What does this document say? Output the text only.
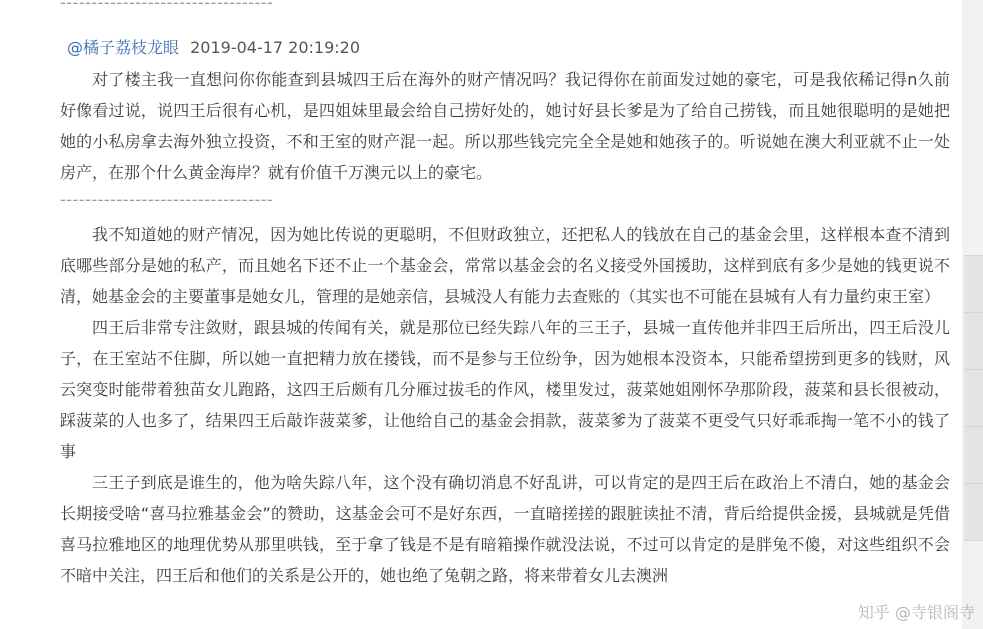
----------------------------------
@橘子荔枝龙眼 2019-04-17 20:19:20

对了楼主我一直想问你你能查到县城四王后在海外的财产情况吗？我记得你在前面发过她的豪宅，可是我依稀记得n久前好像看过说，说四王后很有心机，是四姐妹里最会给自己捞好处的，她讨好县长爹是为了给自己捞钱，而且她很聪明的是她把她的小私房拿去海外独立投资，不和王室的财产混一起。所以那些钱完完全全是她和她孩子的。听说她在澳大利亚就不止一处房产，在那个什么黄金海岸？就有价值千万澳元以上的豪宅。

----------------------------------

我不知道她的财产情况，因为她比传说的更聪明，不但财政独立，还把私人的钱放在自己的基金会里，这样根本查不清到底哪些部分是她的私产，而且她名下还不止一个基金会，常常以基金会的名义接受外国援助，这样到底有多少是她的钱更说不清，她基金会的主要董事是她女儿，管理的是她亲信，县城没人有能力去查账的（其实也不可能在县城有人有力量约束王室）

四王后非常专注敛财，跟县城的传闻有关，就是那位已经失踪八年的三王子，县城一直传他并非四王后所出，四王后没儿子，在王室站不住脚，所以她一直把精力放在搂钱，而不是参与王位纷争，因为她根本没资本，只能希望捞到更多的钱财，风云突变时能带着独苗女儿跑路，这四王后颇有几分雁过拔毛的作风，楼里发过，菠菜她姐刚怀孕那阶段，菠菜和县长很被动，踩菠菜的人也多了，结果四王后敲诈菠菜爹，让他给自己的基金会捐款，菠菜爹为了菠菜不更受气只好乖乖掏一笔不小的钱了事

三王子到底是谁生的，他为啥失踪八年，这个没有确切消息不好乱讲，可以肯定的是四王后在政治上不清白，她的基金会长期接受啥“喜马拉雅基金会”的赞助，这基金会可不是好东西，一直暗搓搓的跟脏读扯不清，背后给提供金援，县城就是凭借喜马拉雅地区的地理优势从那里哄钱，至于拿了钱是不是有暗箱操作就没法说，不过可以肯定的是胖兔不傻，对这些组织不会不暗中关注，四王后和他们的关系是公开的，她也绝了兔朝之路，将来带着女儿去澳洲

知乎 @寺银阁寺
